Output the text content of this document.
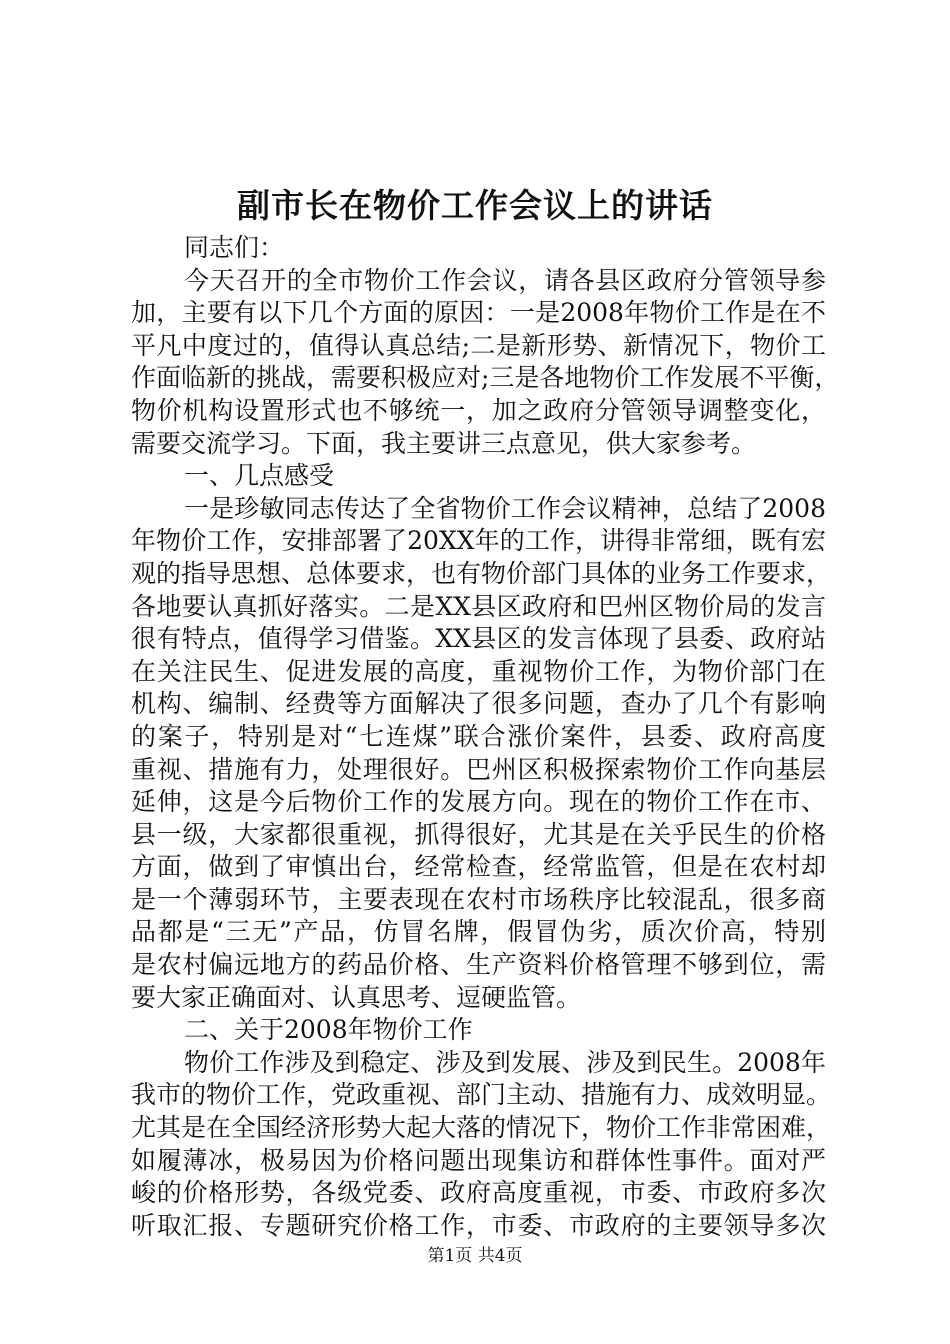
副市长在物价工作会议上的讲话
同志们：
今天召开的全市物价工作会议，请各县区政府分管领导参
加，主要有以下几个方面的原因：一是2008年物价工作是在不
平凡中度过的，值得认真总结;二是新形势、新情况下，物价工
作面临新的挑战，需要积极应对;三是各地物价工作发展不平衡，
物价机构设置形式也不够统一，加之政府分管领导调整变化，
需要交流学习。下面，我主要讲三点意见，供大家参考。
一、几点感受
一是珍敏同志传达了全省物价工作会议精神，总结了2008
年物价工作，安排部署了20XX年的工作，讲得非常细，既有宏
观的指导思想、总体要求，也有物价部门具体的业务工作要求，
各地要认真抓好落实。二是XX县区政府和巴州区物价局的发言
很有特点，值得学习借鉴。XX县区的发言体现了县委、政府站
在关注民生、促进发展的高度，重视物价工作，为物价部门在
机构、编制、经费等方面解决了很多问题，查办了几个有影响
的案子，特别是对“七连煤”联合涨价案件，县委、政府高度
重视、措施有力，处理很好。巴州区积极探索物价工作向基层
延伸，这是今后物价工作的发展方向。现在的物价工作在市、
县一级，大家都很重视，抓得很好，尤其是在关乎民生的价格
方面，做到了审慎出台，经常检查，经常监管，但是在农村却
是一个薄弱环节，主要表现在农村市场秩序比较混乱，很多商
品都是“三无”产品，仿冒名牌，假冒伪劣，质次价高，特别
是农村偏远地方的药品价格、生产资料价格管理不够到位，需
要大家正确面对、认真思考、逗硬监管。
二、关于2008年物价工作
物价工作涉及到稳定、涉及到发展、涉及到民生。2008年
我市的物价工作，党政重视、部门主动、措施有力、成效明显。
尤其是在全国经济形势大起大落的情况下，物价工作非常困难，
如履薄冰，极易因为价格问题出现集访和群体性事件。面对严
峻的价格形势，各级党委、政府高度重视，市委、市政府多次
听取汇报、专题研究价格工作，市委、市政府的主要领导多次
第1页 共4页
